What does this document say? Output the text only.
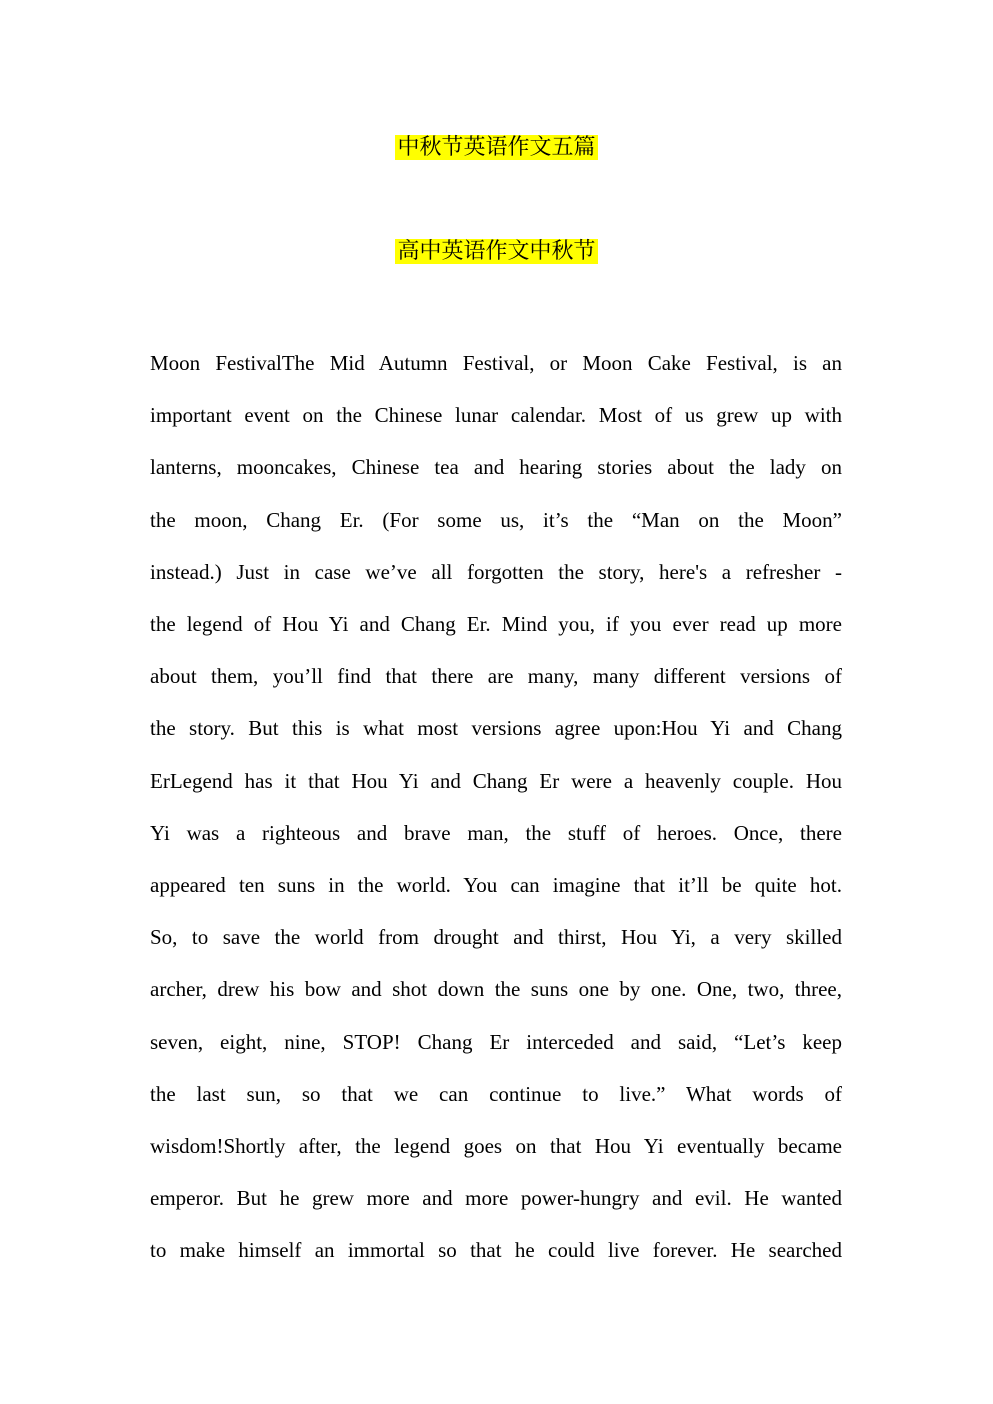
中秋节英语作文五篇
高中英语作文中秋节

Moon FestivalThe Mid Autumn Festival, or Moon Cake Festival, is an

important event on the Chinese lunar calendar. Most of us grew up with

lanterns, mooncakes, Chinese tea and hearing stories about the lady on

the moon, Chang Er. (For some us, it’s the “Man on the Moon”

instead.) Just in case we’ve all forgotten the story, here's a refresher -

the legend of Hou Yi and Chang Er. Mind you, if you ever read up more

about them, you’ll find that there are many, many different versions of

the story. But this is what most versions agree upon:Hou Yi and Chang

ErLegend has it that Hou Yi and Chang Er were a heavenly couple. Hou

Yi was a righteous and brave man, the stuff of heroes. Once, there

appeared ten suns in the world. You can imagine that it’ll be quite hot.

So, to save the world from drought and thirst, Hou Yi, a very skilled

archer, drew his bow and shot down the suns one by one. One, two, three,

seven, eight, nine, STOP! Chang Er interceded and said, “Let’s keep

the last sun, so that we can continue to live.” What words of

wisdom!Shortly after, the legend goes on that Hou Yi eventually became

emperor. But he grew more and more power-hungry and evil. He wanted

to make himself an immortal so that he could live forever. He searched
